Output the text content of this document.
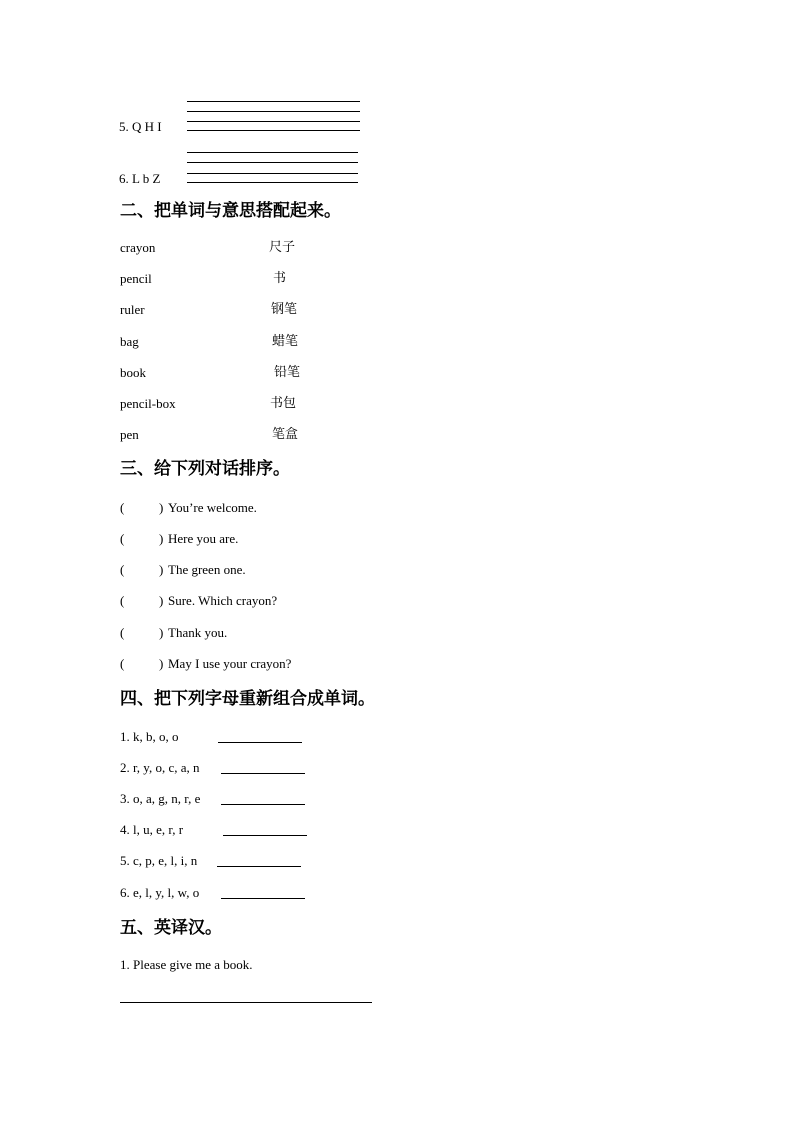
5. Q H I
6. L b Z
二、把单词与意思搭配起来。
crayon	尺子
pencil	书
ruler	钢笔
bag	蜡笔
book	铅笔
pencil-box	书包
pen	笔盒
三、给下列对话排序。
(	) You’re welcome.
(	) Here you are.
(	) The green one.
(	) Sure. Which crayon?
(	) Thank you.
(	) May I use your crayon?
四、把下列字母重新组合成单词。
1. k, b, o, o
2. r, y, o, c, a, n
3. o, a, g, n, r, e
4. l, u, e, r, r
5. c, p, e, l, i, n
6. e, l, y, l, w, o
五、英译汉。
1. Please give me a book.
